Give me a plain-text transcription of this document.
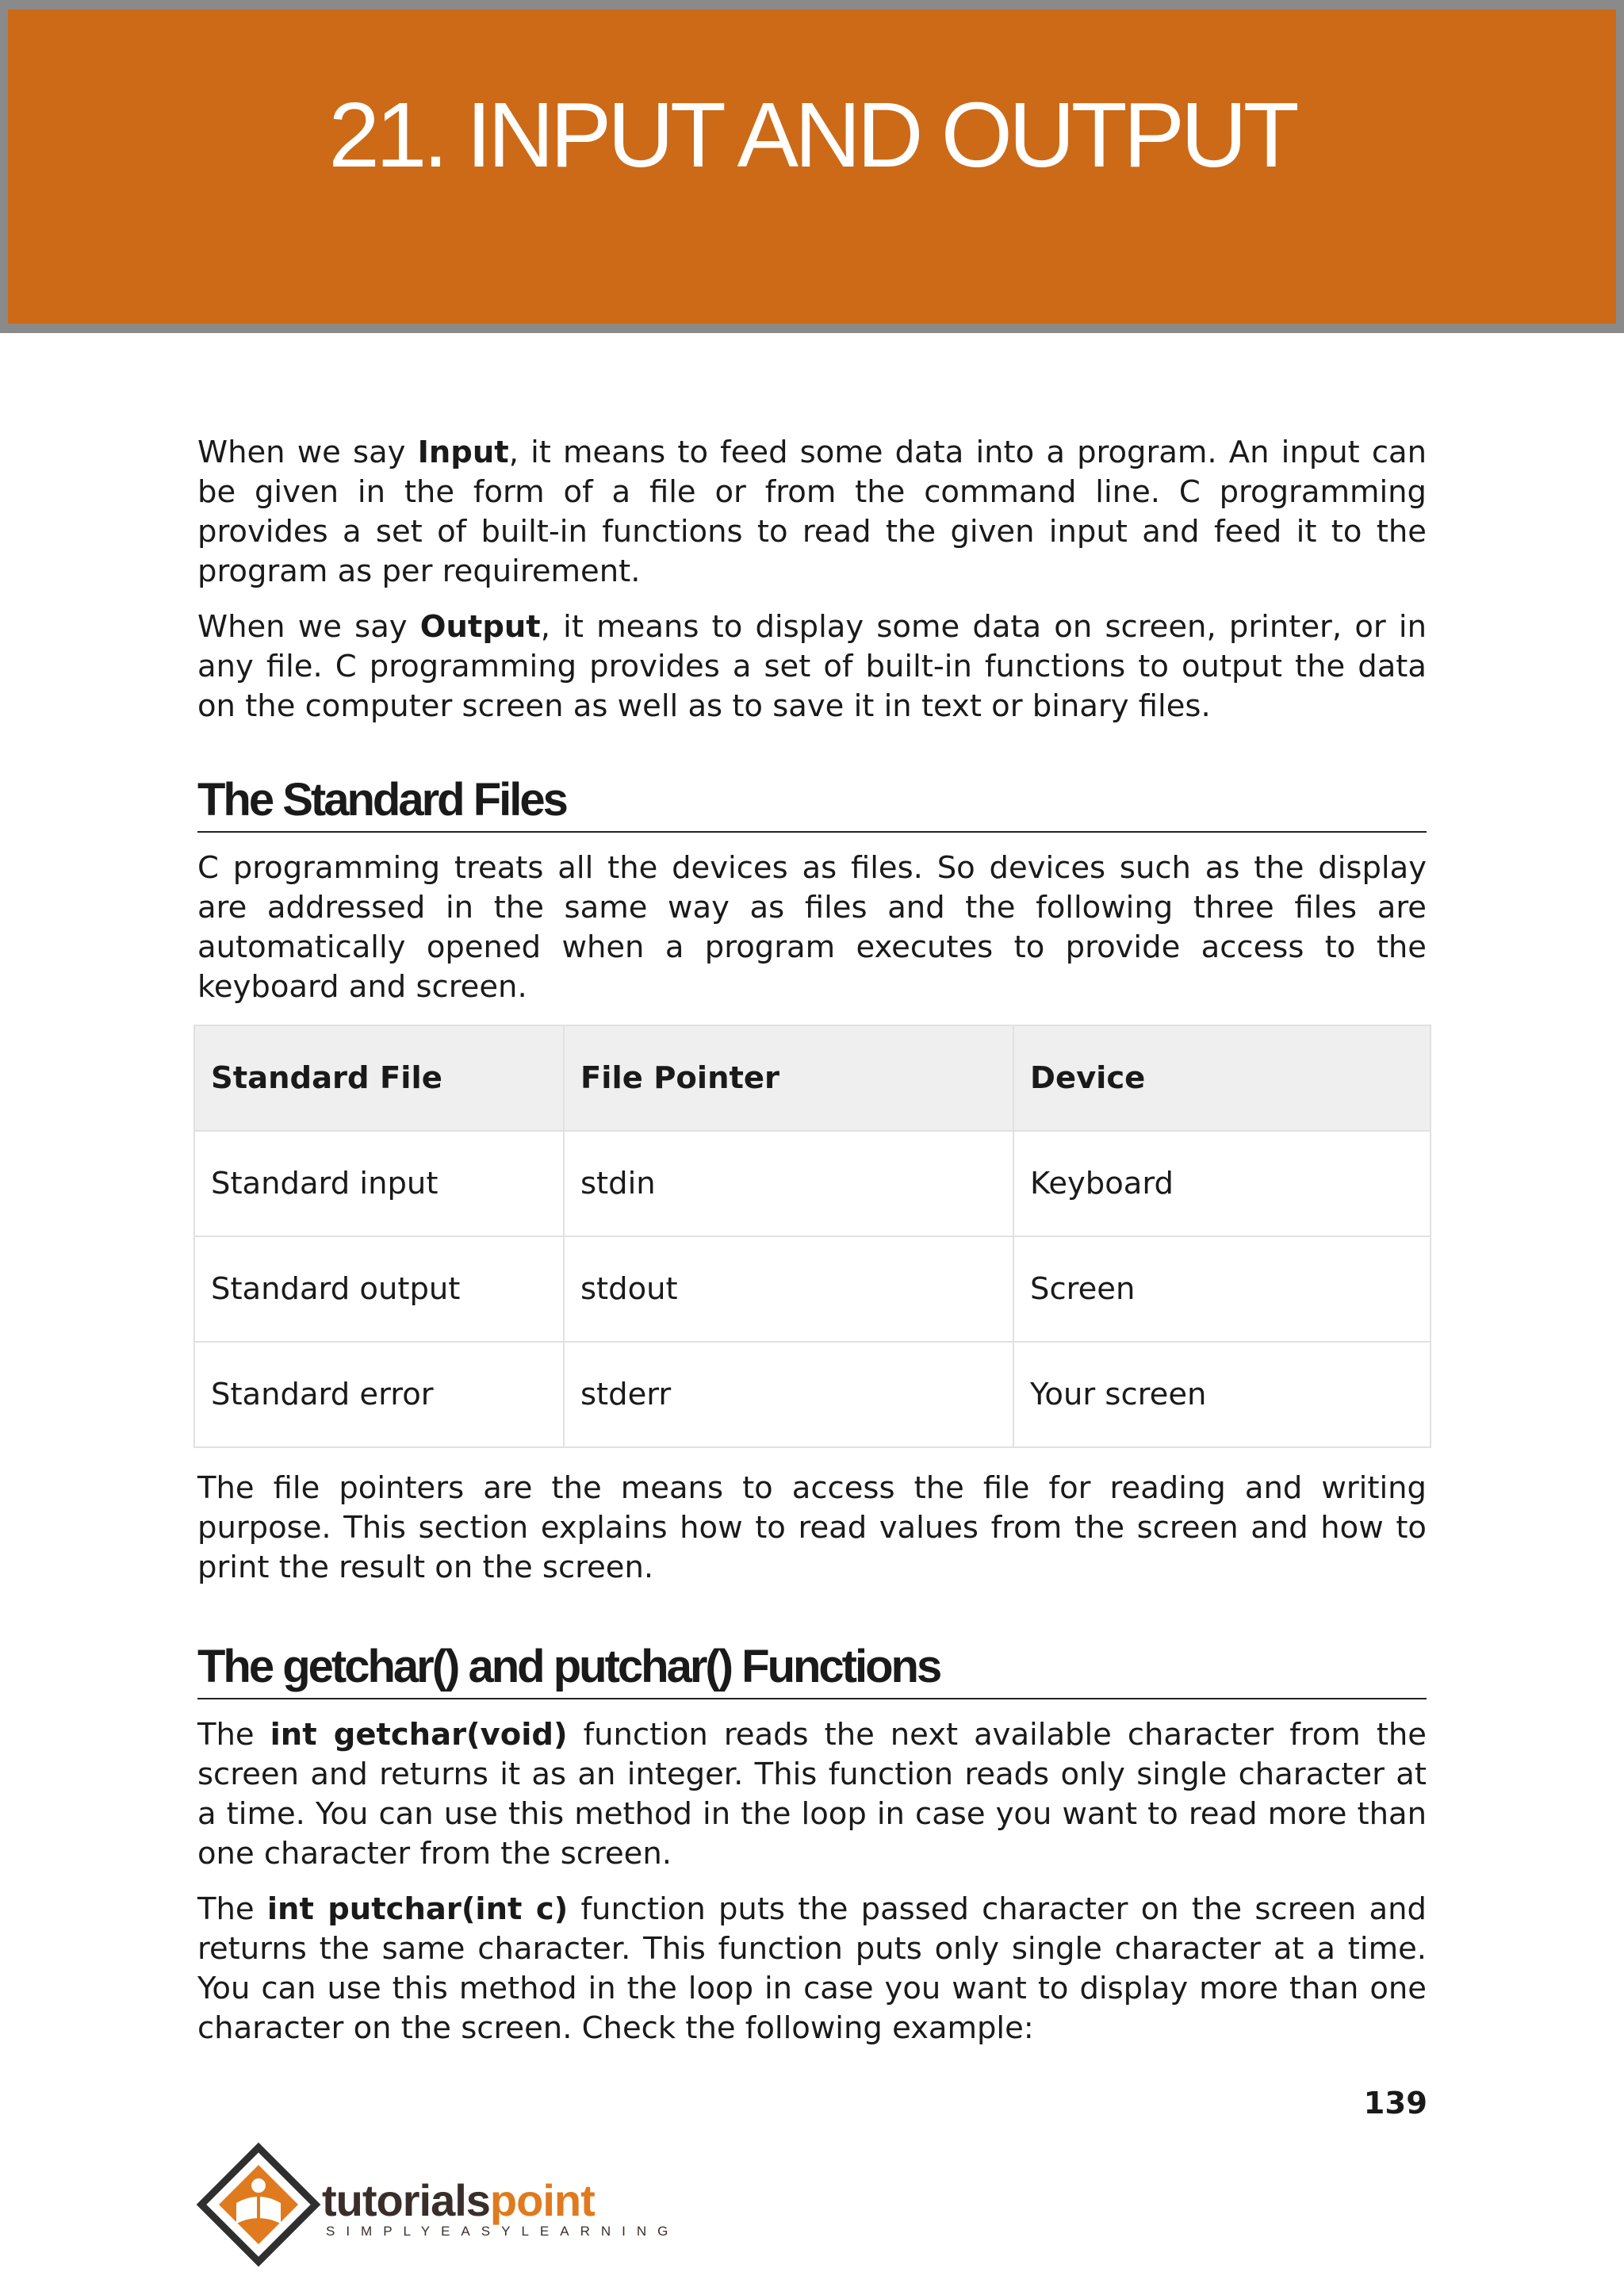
21. INPUT AND OUTPUT

When we say Input, it means to feed some data into a program. An input can be given in the form of a file or from the command line. C programming provides a set of built-in functions to read the given input and feed it to the program as per requirement.

When we say Output, it means to display some data on screen, printer, or in any file. C programming provides a set of built-in functions to output the data on the computer screen as well as to save it in text or binary files.

The Standard Files

C programming treats all the devices as files. So devices such as the display are addressed in the same way as files and the following three files are automatically opened when a program executes to provide access to the keyboard and screen.

Standard File	File Pointer	Device
Standard input	stdin	Keyboard
Standard output	stdout	Screen
Standard error	stderr	Your screen

The file pointers are the means to access the file for reading and writing purpose. This section explains how to read values from the screen and how to print the result on the screen.

The getchar() and putchar() Functions

The int getchar(void) function reads the next available character from the screen and returns it as an integer. This function reads only single character at a time. You can use this method in the loop in case you want to read more than one character from the screen.

The int putchar(int c) function puts the passed character on the screen and returns the same character. This function puts only single character at a time. You can use this method in the loop in case you want to display more than one character on the screen. Check the following example:

139
tutorialspoint
SIMPLYEASYLEARNING
